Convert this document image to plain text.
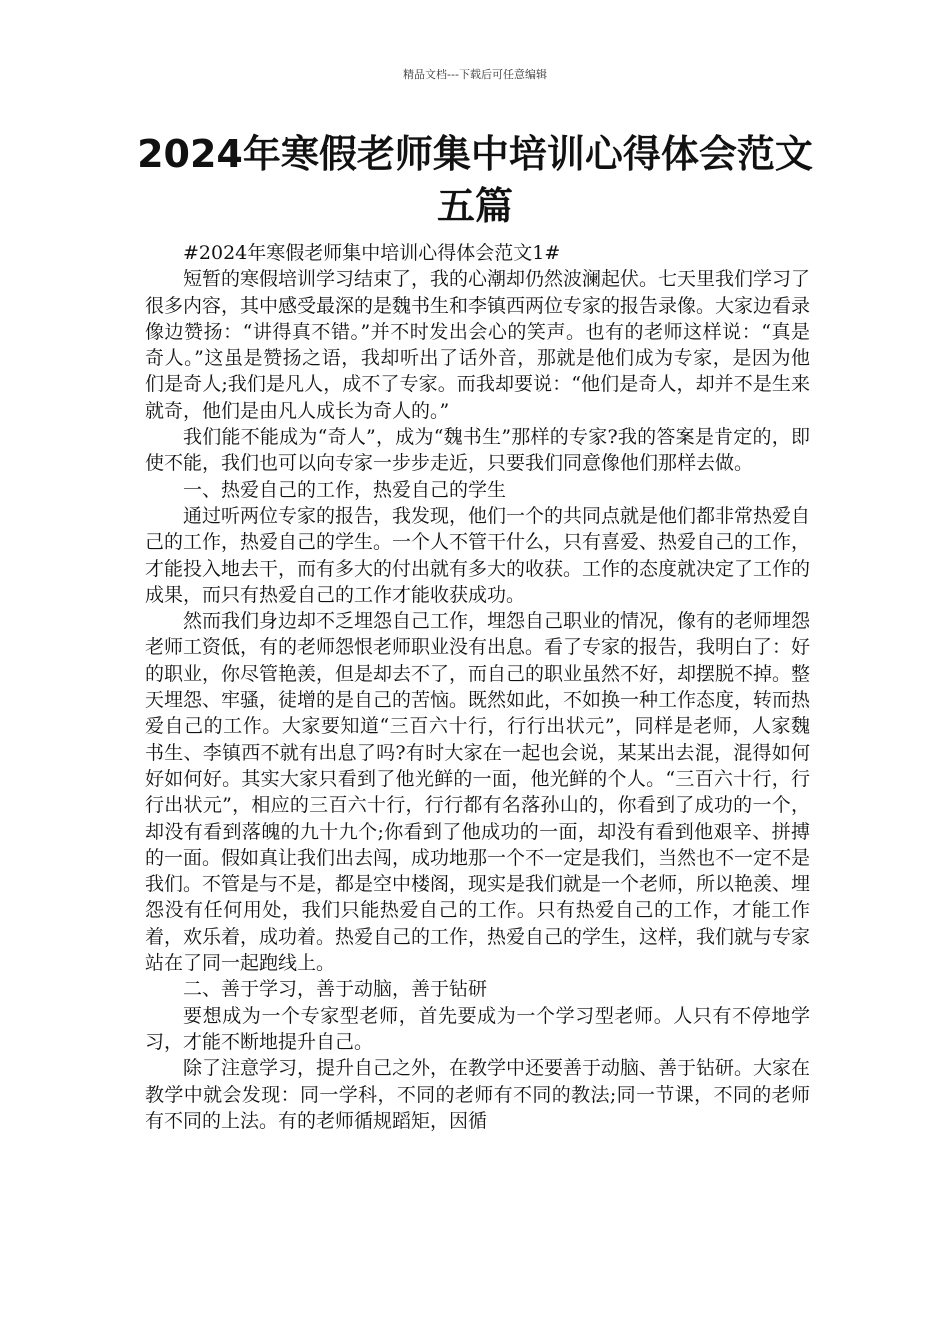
精品文档---下载后可任意编辑
2024年寒假老师集中培训心得体会范文五篇

#2024年寒假老师集中培训心得体会范文1#

短暂的寒假培训学习结束了，我的心潮却仍然波澜起伏。七天里我们学习了很多内容，其中感受最深的是魏书生和李镇西两位专家的报告录像。大家边看录像边赞扬：“讲得真不错。”并不时发出会心的笑声。也有的老师这样说：“真是奇人。”这虽是赞扬之语，我却听出了话外音，那就是他们成为专家，是因为他们是奇人;我们是凡人，成不了专家。而我却要说：“他们是奇人，却并不是生来就奇，他们是由凡人成长为奇人的。”

我们能不能成为“奇人”，成为“魏书生”那样的专家?我的答案是肯定的，即使不能，我们也可以向专家一步步走近，只要我们同意像他们那样去做。

一、热爱自己的工作，热爱自己的学生

通过听两位专家的报告，我发现，他们一个的共同点就是他们都非常热爱自己的工作，热爱自己的学生。一个人不管干什么，只有喜爱、热爱自己的工作，才能投入地去干，而有多大的付出就有多大的收获。工作的态度就决定了工作的成果，而只有热爱自己的工作才能收获成功。

然而我们身边却不乏埋怨自己工作，埋怨自己职业的情况，像有的老师埋怨老师工资低，有的老师怨恨老师职业没有出息。看了专家的报告，我明白了：好的职业，你尽管艳羡，但是却去不了，而自己的职业虽然不好，却摆脱不掉。整天埋怨、牢骚，徒增的是自己的苦恼。既然如此，不如换一种工作态度，转而热爱自己的工作。大家要知道“三百六十行，行行出状元”，同样是老师，人家魏书生、李镇西不就有出息了吗?有时大家在一起也会说，某某出去混，混得如何好如何好。其实大家只看到了他光鲜的一面，他光鲜的个人。“三百六十行，行行出状元”，相应的三百六十行，行行都有名落孙山的，你看到了成功的一个，却没有看到落魄的九十九个;你看到了他成功的一面，却没有看到他艰辛、拼搏的一面。假如真让我们出去闯，成功地那一个不一定是我们，当然也不一定不是我们。不管是与不是，都是空中楼阁，现实是我们就是一个老师，所以艳羡、埋怨没有任何用处，我们只能热爱自己的工作。只有热爱自己的工作，才能工作着，欢乐着，成功着。热爱自己的工作，热爱自己的学生，这样，我们就与专家站在了同一起跑线上。

二、善于学习，善于动脑，善于钻研

要想成为一个专家型老师，首先要成为一个学习型老师。人只有不停地学习，才能不断地提升自己。

除了注意学习，提升自己之外，在教学中还要善于动脑、善于钻研。大家在教学中就会发现：同一学科，不同的老师有不同的教法;同一节课，不同的老师有不同的上法。有的老师循规蹈矩，因循
